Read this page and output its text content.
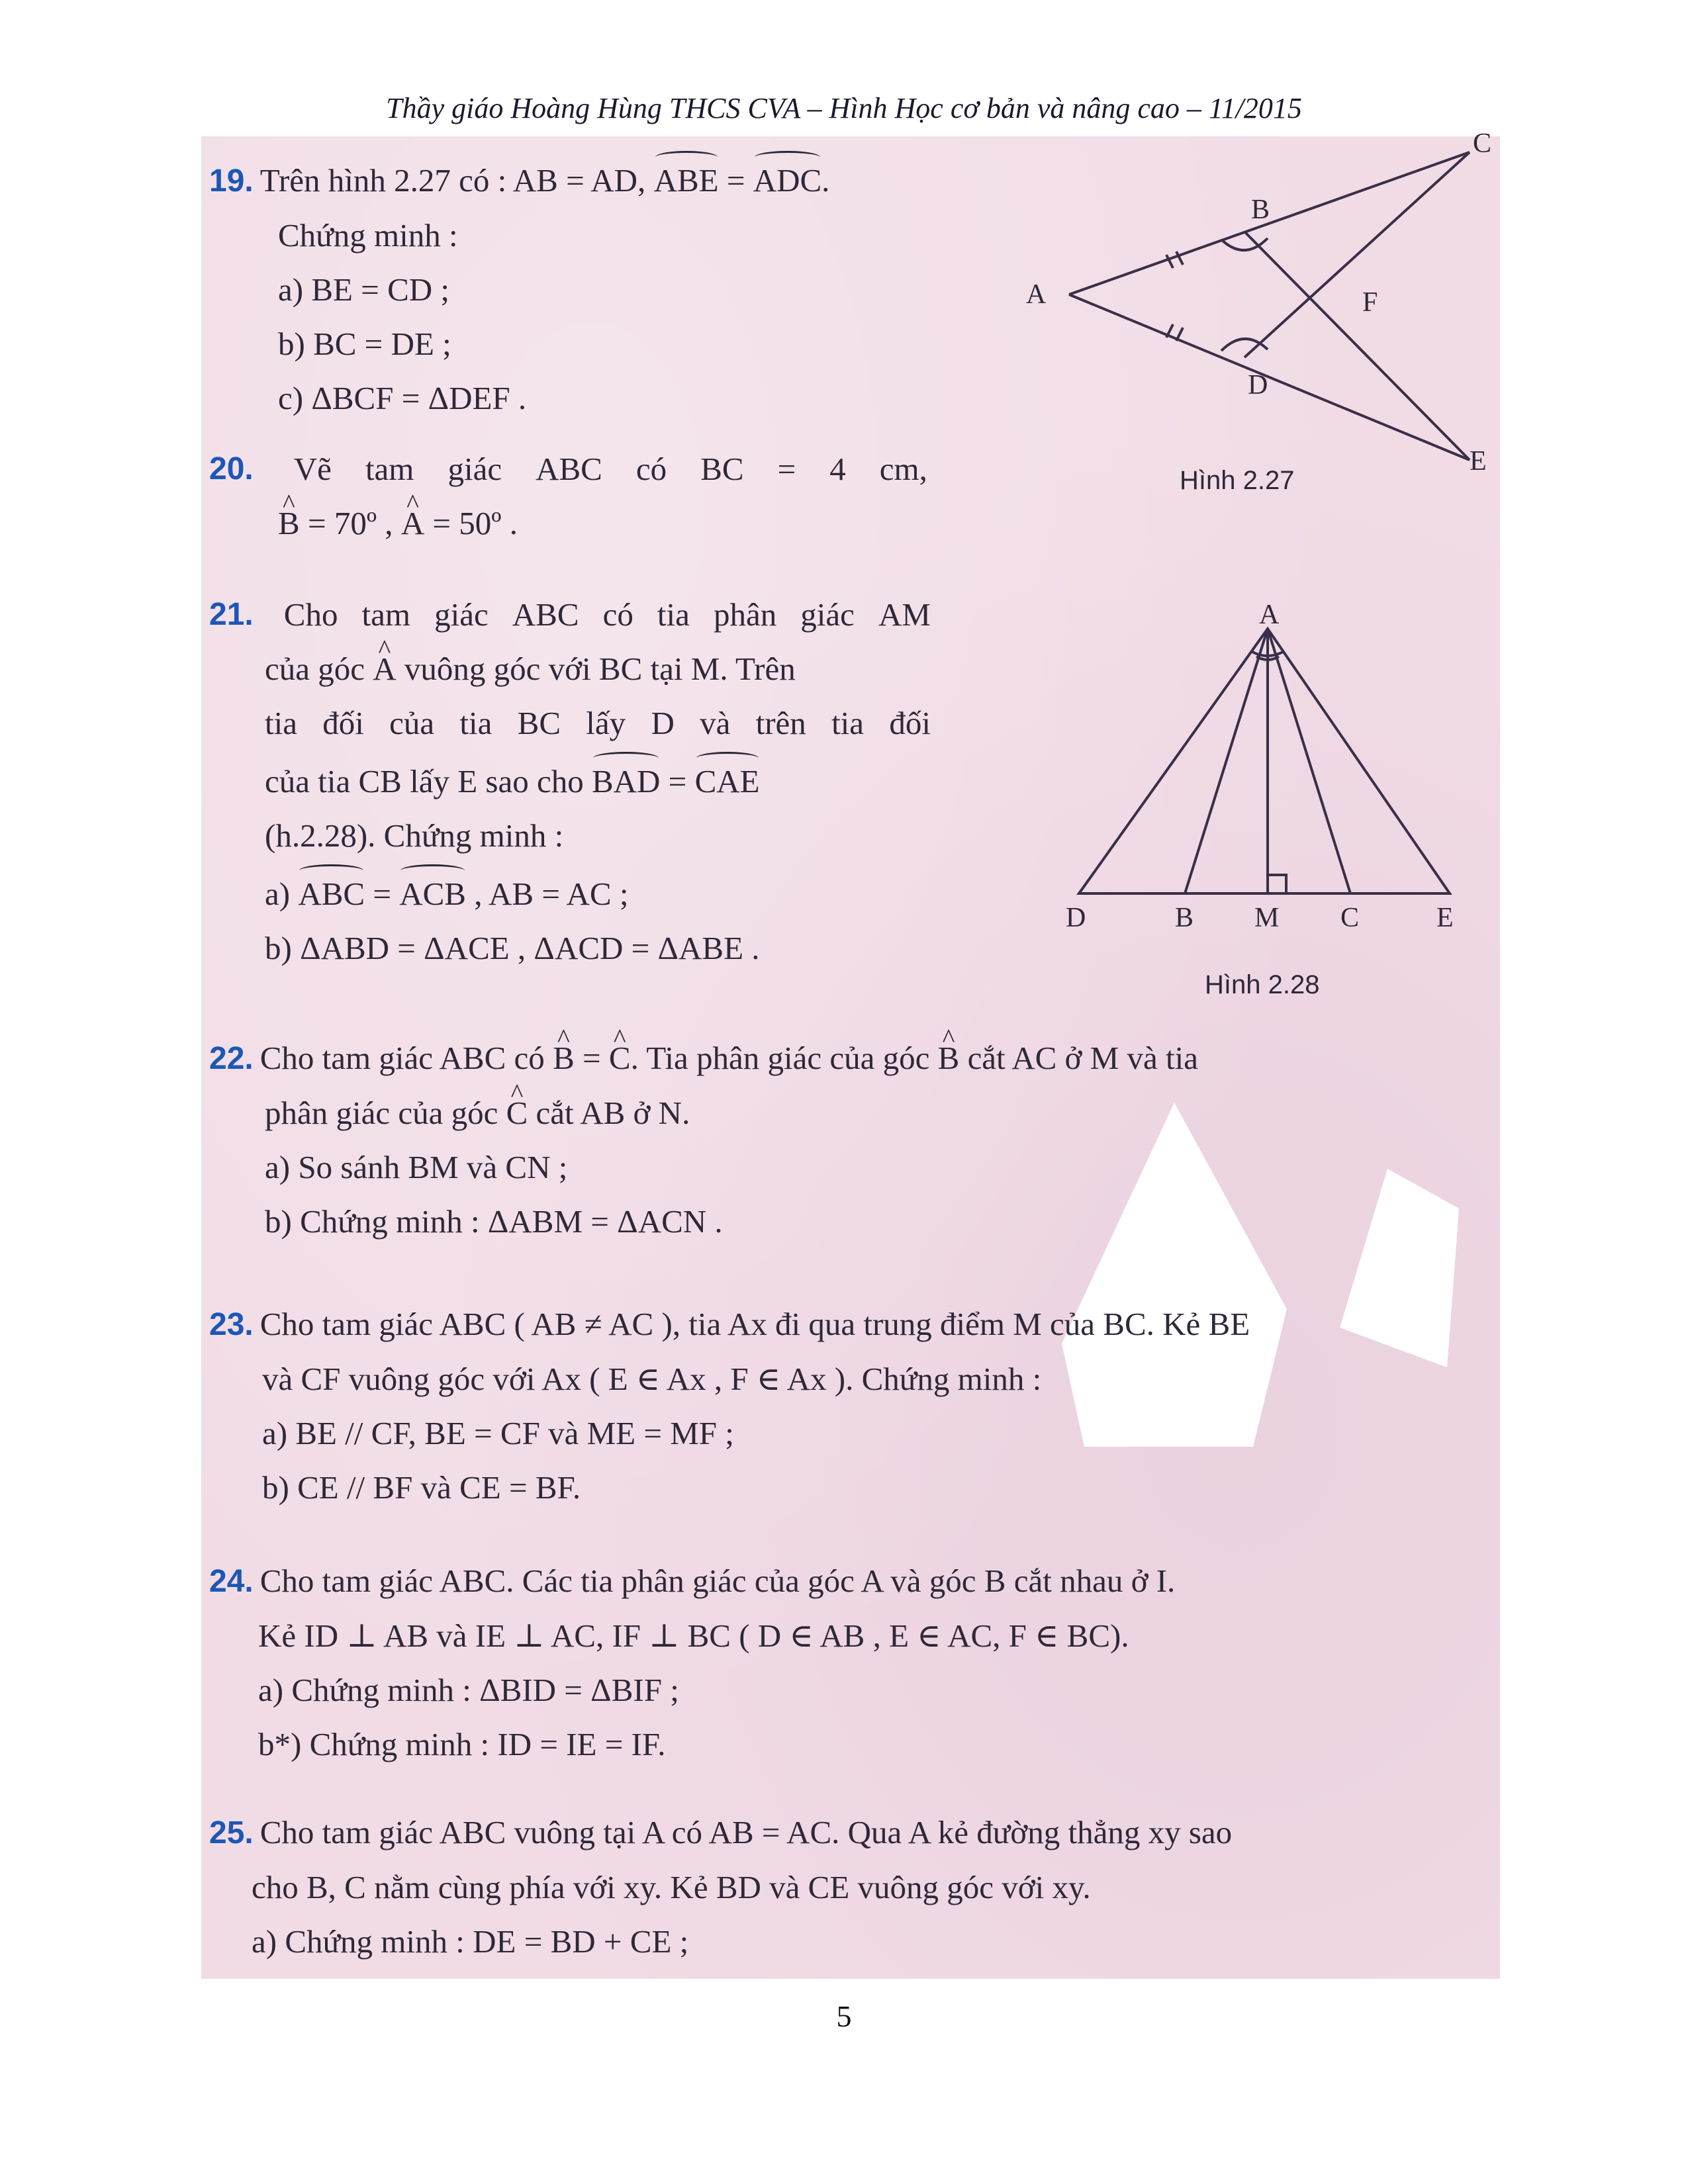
Thầy giáo Hoàng Hùng THCS CVA – Hình Học cơ bản và nâng cao – 11/2015
19. Trên hình 2.27 có : AB = AD, ABE = ADC.
Chứng minh :
a) BE = CD ;
b) BC = DE ;
c) ΔBCF = ΔDEF .
A
B
C
D
E
F
Hình 2.27
20. Vẽ tam giác ABC có BC = 4 cm,
^ B = 70º , ^ A = 50º .
21. Cho tam giác ABC có tia phân giác AM
của góc ^ A vuông góc với BC tại M. Trên
tia đối của tia BC lấy D và trên tia đối
của tia CB lấy E sao cho BAD = CAE
(h.2.28). Chứng minh :
a) ABC = ACB , AB = AC ;
b) ΔABD = ΔACE , ΔACD = ΔABE .
A
D	B M C	E
Hình 2.28
22. Cho tam giác ABC có ^ B = ^ C. Tia phân giác của góc ^ B cắt AC ở M và tia
phân giác của góc ^ C cắt AB ở N.
a) So sánh BM và CN ;
b) Chứng minh : ΔABM = ΔACN .
23. Cho tam giác ABC ( AB ≠ AC ), tia Ax đi qua trung điểm M của BC. Kẻ BE
và CF vuông góc với Ax ( E ∈ Ax , F ∈ Ax ). Chứng minh :
a) BE // CF, BE = CF và ME = MF ;
b) CE // BF và CE = BF.
24. Cho tam giác ABC. Các tia phân giác của góc A và góc B cắt nhau ở I.
Kẻ ID ⊥ AB và IE ⊥ AC, IF ⊥ BC ( D ∈ AB , E ∈ AC, F ∈ BC).
a) Chứng minh : ΔBID = ΔBIF ;
b*) Chứng minh : ID = IE = IF.
25. Cho tam giác ABC vuông tại A có AB = AC. Qua A kẻ đường thẳng xy sao
cho B, C nằm cùng phía với xy. Kẻ BD và CE vuông góc với xy.
a) Chứng minh : DE = BD + CE ;
5
